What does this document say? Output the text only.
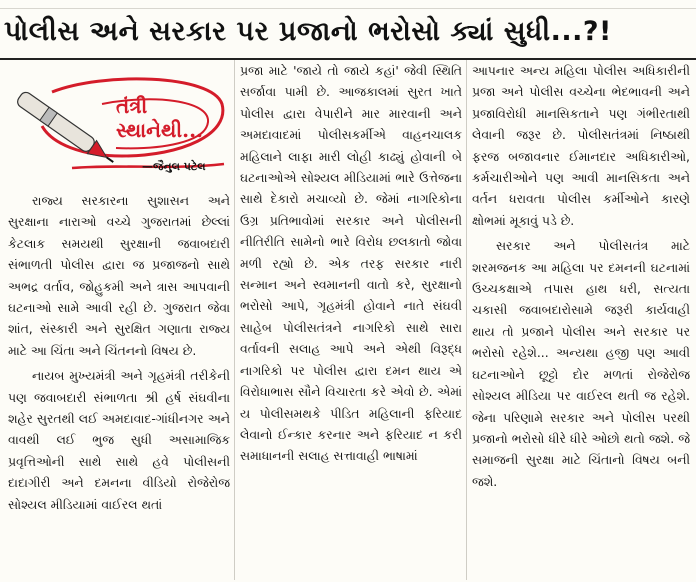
પોલીસ અને સરકાર પર પ્રજાનો ભરોસો ક્યાં સુધી...?!
તંત્રી
સ્થાનેથી...
—જૈનુલ પટેલ

રાજ્ય સરકારના સુશાસન અને સુરક્ષાના નારાઓ વચ્ચે ગુજરાતમાં છેલ્લાં કેટલાક સમયથી સુરક્ષાની જવાબદારી સંભાળતી પોલીસ દ્વારા જ પ્રજાજનો સાથે અભદ્ર વર્તાવ, જોહુકમી અને ત્રાસ આપવાની ઘટનાઓ સામે આવી રહી છે. ગુજરાત જેવા શાંત, સંસ્કારી અને સુરક્ષિત ગણાતા રાજ્ય માટે આ ચિંતા અને ચિંતનનો વિષય છે.

નાયબ મુખ્યમંત્રી અને ગૃહમંત્રી તરીકેની પણ જવાબદારી સંભાળતા શ્રી હર્ષ સંઘવીના શહેર સુરતથી લઈ અમદાવાદ-ગાંધીનગર અને વાવથી લઈ ભુજ સુધી અસામાજિક પ્રવૃત્તિઓની સાથે સાથે હવે પોલીસની દાદાગીરી અને દમનના વીડિયો રોજેરોજ સોશ્યલ મીડિયામાં વાઈરલ થતાં

પ્રજા માટે 'જાયે તો જાયે કહાં' જેવી સ્થિતિ સર્જાવા પામી છે. આજકાલમાં સુરત ખાતે પોલીસ દ્વારા વેપારીને માર મારવાની અને અમદાવાદમાં પોલીસકર્મીએ વાહનચાલક મહિલાને લાફા મારી લોહી કાઢ્યું હોવાની બે ઘટનાઓએ સોશ્યલ મીડિયામાં ભારે ઉત્તેજના સાથે દેકારો મચાવ્યો છે. જેમાં નાગરિકોના ઉગ્ર પ્રતિભાવોમાં સરકાર અને પોલીસની નીતિરીતિ સામેનો ભારે વિરોધ છલકાતો જોવા મળી રહ્યો છે. એક તરફ સરકાર નારી સન્માન અને સ્વમાનની વાતો કરે, સુરક્ષાનો ભરોસો આપે, ગૃહમંત્રી હોવાને નાતે સંઘવી સાહેબ પોલીસતંત્રને નાગરિકો સાથે સારા વર્તાવની સલાહ આપે અને એથી વિરૂદ્ધ નાગરિકો પર પોલીસ દ્વારા દમન થાય એ વિરોધાભાસ સૌને વિચારતા કરે એવો છે. એમાં ય પોલીસમથકે પીડિત મહિલાની ફરિયાદ લેવાનો ઈન્કાર કરનાર અને ફરિયાદ ન કરી સમાધાનની સલાહ સત્તાવાહી ભાષામાં

આપનાર અન્ય મહિલા પોલીસ અધિકારીની પ્રજા અને પોલીસ વચ્ચેના ભેદભાવની અને પ્રજાવિરોધી માનસિકતાને પણ ગંભીરતાથી લેવાની જરૂર છે. પોલીસતંત્રમાં નિષ્ઠાથી ફરજ બજાવનાર ઈમાનદાર અધિકારીઓ, કર્મચારીઓને પણ આવી માનસિકતા અને વર્તન ધરાવતા પોલીસ કર્મીઓને કારણે ક્ષોભમાં મૂકાવું પડે છે.

સરકાર અને પોલીસતંત્ર માટે શરમજનક આ મહિલા પર દમનની ઘટનામાં ઉચ્ચકક્ષાએ તપાસ હાથ ધરી, સત્યતા ચકાસી જવાબદારોસામે જરૂરી કાર્યવાહી થાય તો પ્રજાને પોલીસ અને સરકાર પર ભરોસો રહેશે... અન્યથા હજી પણ આવી ઘટનાઓને છૂટ્ટો દોર મળતાં રોજેરોજ સોશ્યલ મીડિયા પર વાઈરલ થતી જ રહેશે. જેના પરિણામે સરકાર અને પોલીસ પરથી પ્રજાનો ભરોસો ધીરે ધીરે ઓછો થતો જશે. જે સમાજની સુરક્ષા માટે ચિંતાનો વિષય બની જશે.
